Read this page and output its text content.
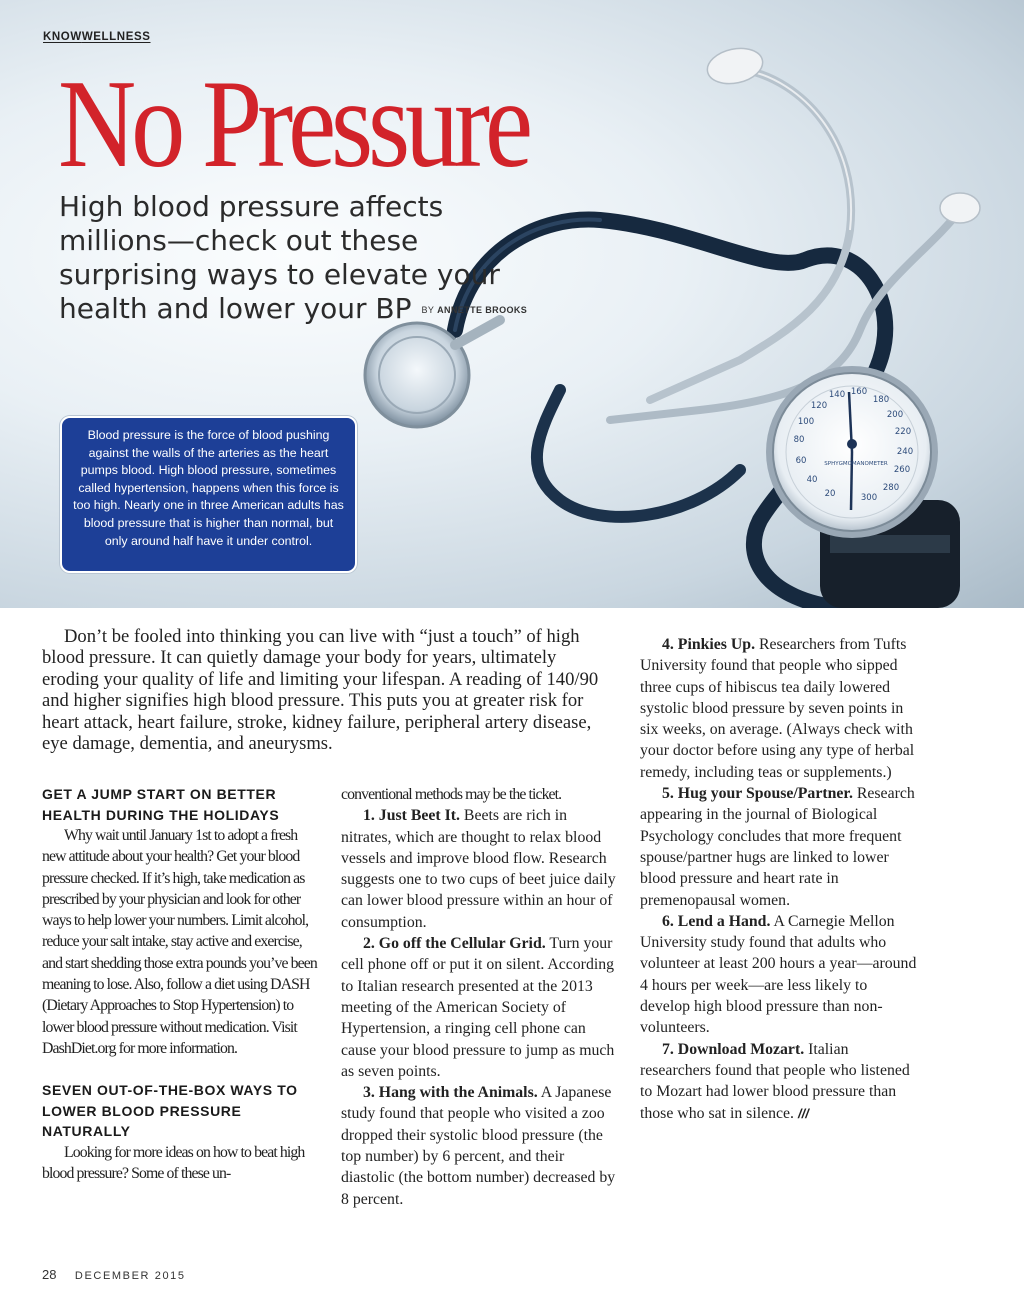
20
40
60
80
100
120
140 160
180
200
220
240
260
280
300
SPHYGMOMANOMETER
KNOWWELLNESS
No Pressure
High blood pressure affects millions—check out these surprising ways to elevate your health and lower your BP BY ANNETTE BROOKS
Blood pressure is the force of blood pushing against the walls of the arteries as the heart pumps blood. High blood pressure, sometimes called hypertension, happens when this force is too high. Nearly one in three American adults has blood pressure that is higher than normal, but only around half have it under control.
Don’t be fooled into thinking you can live with “just a touch” of high blood pressure. It can quietly damage your body for years, ultimately eroding your quality of life and limiting your lifespan. A reading of 140/90 and higher signifies high blood pressure. This puts you at greater risk for heart attack, heart failure, stroke, kidney failure, peripheral artery disease, eye damage, dementia, and aneurysms.

GET A JUMP START ON BETTER HEALTH DURING THE HOLIDAYS

Why wait until January 1st to adopt a fresh new attitude about your health? Get your blood pressure checked. If it’s high, take medication as prescribed by your physician and look for other ways to help lower your numbers. Limit alcohol, reduce your salt intake, stay active and exercise, and start shedding those extra pounds you’ve been meaning to lose. Also, follow a diet using DASH (Dietary Approaches to Stop Hypertension) to lower blood pressure without medication. Visit DashDiet.org for more information.

SEVEN OUT-OF-THE-BOX WAYS TO LOWER BLOOD PRESSURE NATURALLY

Looking for more ideas on how to beat high blood pressure? Some of these un-

conventional methods may be the ticket.

1. Just Beet It. Beets are rich in nitrates, which are thought to relax blood vessels and improve blood flow. Research suggests one to two cups of beet juice daily can lower blood pressure within an hour of consumption.

2. Go off the Cellular Grid. Turn your cell phone off or put it on silent. According to Italian research presented at the 2013 meeting of the American Society of Hypertension, a ringing cell phone can cause your blood pressure to jump as much as seven points.

3. Hang with the Animals. A Japanese study found that people who visited a zoo dropped their systolic blood pressure (the top number) by 6 percent, and their diastolic (the bottom number) decreased by 8 percent.

4. Pinkies Up. Researchers from Tufts University found that people who sipped three cups of hibiscus tea daily lowered systolic blood pressure by seven points in six weeks, on average. (Always check with your doctor before using any type of herbal remedy, including teas or supplements.)

5. Hug your Spouse/Partner. Research appearing in the journal of Biological Psychology concludes that more frequent spouse/partner hugs are linked to lower blood pressure and heart rate in premenopausal women.

6. Lend a Hand. A Carnegie Mellon University study found that adults who volunteer at least 200 hours a year—around 4 hours per week—are less likely to develop high blood pressure than non-volunteers.

7. Download Mozart. Italian researchers found that people who listened to Mozart had lower blood pressure than those who sat in silence. ///

28 DECEMBER 2015
